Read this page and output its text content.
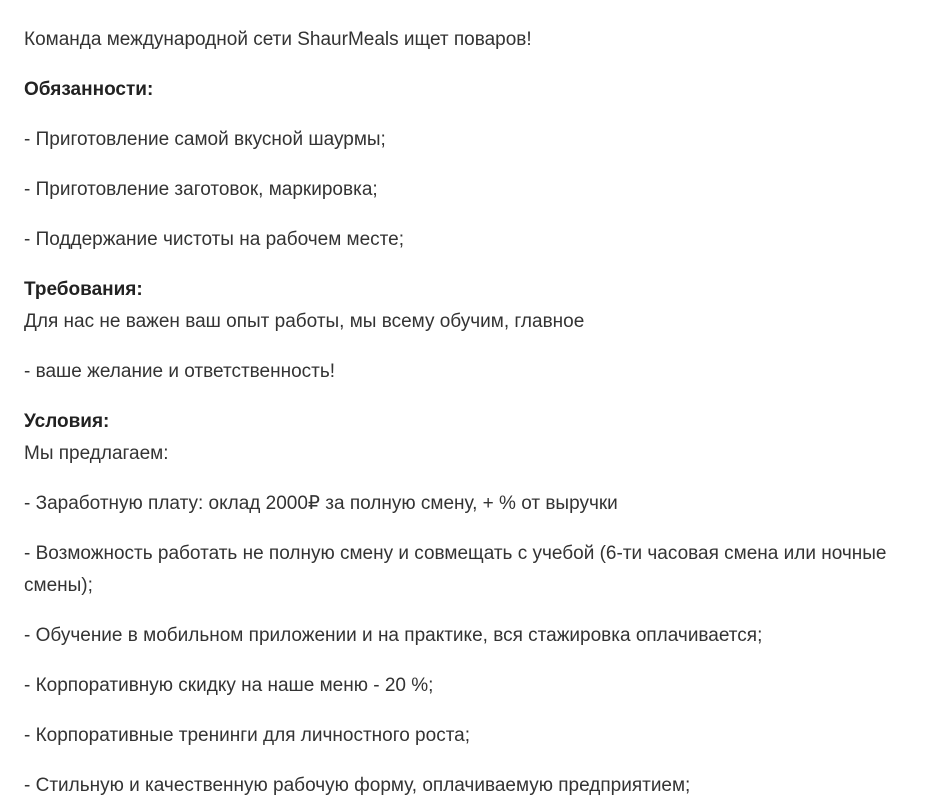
Команда международной сети ShaurMeals ищет поваров!

Обязанности:

- Приготовление самой вкусной шаурмы;

- Приготовление заготовок, маркировка;

- Поддержание чистоты на рабочем месте;

Требования:

Для нас не важен ваш опыт работы, мы всему обучим, главное

- ваше желание и ответственность!

Условия:

Мы предлагаем:

- Заработную плату: оклад 2000₽ за полную смену, + % от выручки

- Возможность работать не полную смену и совмещать с учебой (6-ти часовая смена или ночные смены);

- Обучение в мобильном приложении и на практике, вся стажировка оплачивается;

- Корпоративную скидку на наше меню - 20 %;

- Корпоративные тренинги для личностного роста;

- Стильную и качественную рабочую форму, оплачиваемую предприятием;
